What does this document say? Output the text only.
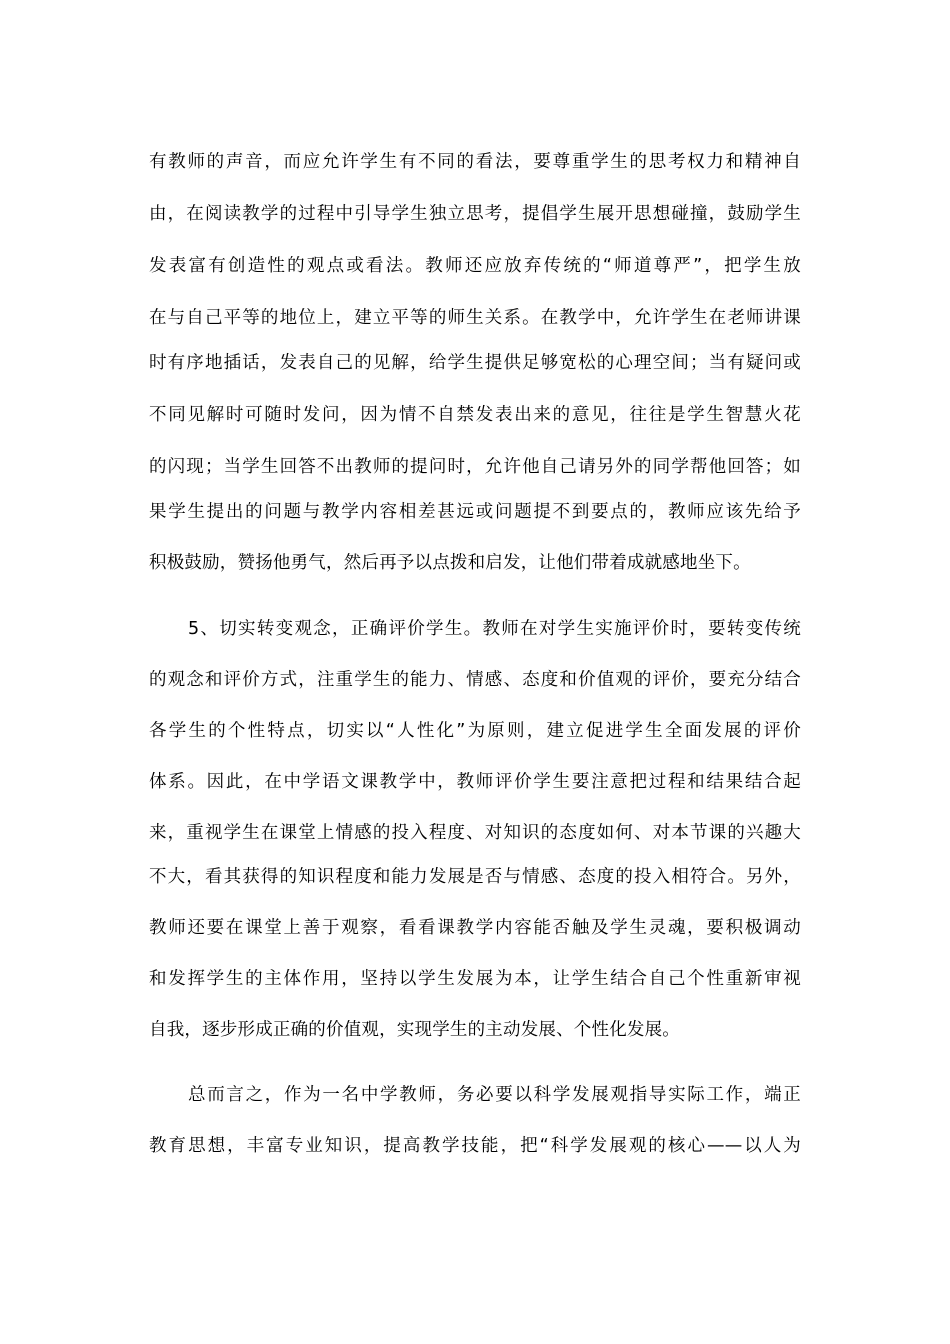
有教师的声音，而应允许学生有不同的看法，要尊重学生的思考权力和精神自
由，在阅读教学的过程中引导学生独立思考，提倡学生展开思想碰撞，鼓励学生
发表富有创造性的观点或看法。教师还应放弃传统的“师道尊严”，把学生放
在与自己平等的地位上，建立平等的师生关系。在教学中，允许学生在老师讲课
时有序地插话，发表自己的见解，给学生提供足够宽松的心理空间；当有疑问或
不同见解时可随时发问，因为情不自禁发表出来的意见，往往是学生智慧火花
的闪现；当学生回答不出教师的提问时，允许他自己请另外的同学帮他回答；如
果学生提出的问题与教学内容相差甚远或问题提不到要点的，教师应该先给予
积极鼓励，赞扬他勇气，然后再予以点拨和启发，让他们带着成就感地坐下。
5、切实转变观念，正确评价学生。教师在对学生实施评价时，要转变传统
的观念和评价方式，注重学生的能力、情感、态度和价值观的评价，要充分结合
各学生的个性特点，切实以“人性化”为原则，建立促进学生全面发展的评价
体系。因此，在中学语文课教学中，教师评价学生要注意把过程和结果结合起
来，重视学生在课堂上情感的投入程度、对知识的态度如何、对本节课的兴趣大
不大，看其获得的知识程度和能力发展是否与情感、态度的投入相符合。另外，
教师还要在课堂上善于观察，看看课教学内容能否触及学生灵魂，要积极调动
和发挥学生的主体作用，坚持以学生发展为本，让学生结合自己个性重新审视
自我，逐步形成正确的价值观，实现学生的主动发展、个性化发展。
总而言之，作为一名中学教师，务必要以科学发展观指导实际工作，端正
教育思想，丰富专业知识，提高教学技能，把“科学发展观的核心——以人为
